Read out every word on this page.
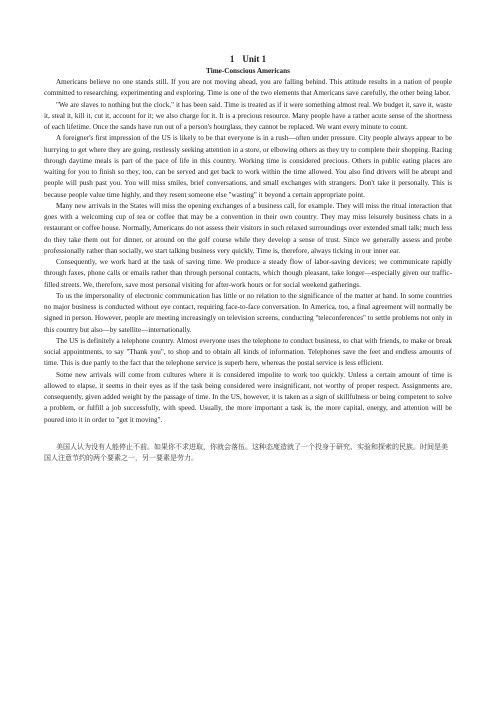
1 Unit 1
Time-Conscious Americans

Americans believe no one stands still. If you are not moving ahead, you are falling behind. This attitude results in a nation of people committed to researching, experimenting and exploring. Time is one of the two elements that Americans save carefully, the other being labor.

"We are slaves to nothing but the clock," it has been said. Time is treated as if it were something almost real. We budget it, save it, waste it, steal it, kill it, cut it, account for it; we also charge for it. It is a precious resource. Many people have a rather acute sense of the shortness of each lifetime. Once the sands have run out of a person's hourglass, they cannot be replaced. We want every minute to count.

A foreigner's first impression of the US is likely to be that everyone is in a rush—often under pressure. City people always appear to be hurrying to get where they are going, restlessly seeking attention in a store, or elbowing others as they try to complete their shopping. Racing through daytime meals is part of the pace of life in this country. Working time is considered precious. Others in public eating places are waiting for you to finish so they, too, can be served and get back to work within the time allowed. You also find drivers will be abrupt and people will push past you. You will miss smiles, brief conversations, and small exchanges with strangers. Don't take it personally. This is because people value time highly, and they resent someone else "wasting" it beyond a certain appropriate point.

Many new arrivals in the States will miss the opening exchanges of a business call, for example. They will miss the ritual interaction that goes with a welcoming cup of tea or coffee that may be a convention in their own country. They may miss leisurely business chats in a restaurant or coffee house. Normally, Americans do not assess their visitors in such relaxed surroundings over extended small talk; much less do they take them out for dinner, or around on the golf course while they develop a sense of trust. Since we generally assess and probe professionally rather than socially, we start talking business very quickly. Time is, therefore, always ticking in our inner ear.

Consequently, we work hard at the task of saving time. We produce a steady flow of labor-saving devices; we communicate rapidly through faxes, phone calls or emails rather than through personal contacts, which though pleasant, take longer—especially given our traffic-filled streets. We, therefore, save most personal visiting for after-work hours or for social weekend gatherings.

To us the impersonality of electronic communication has little or no relation to the significance of the matter at hand. In some countries no major business is conducted without eye contact, requiring face-to-face conversation. In America, too, a final agreement will normally be signed in person. However, people are meeting increasingly on television screens, conducting "teleconferences" to settle problems not only in this country but also—by satellite—internationally.

The US is definitely a telephone country. Almost everyone uses the telephone to conduct business, to chat with friends, to make or break social appointments, to say "Thank you", to shop and to obtain all kinds of information. Telephones save the feet and endless amounts of time. This is due partly to the fact that the telephone service is superb here, whereas the postal service is less efficient.

Some new arrivals will come from cultures where it is considered impolite to work too quickly. Unless a certain amount of time is allowed to elapse, it seems in their eyes as if the task being considered were insignificant, not worthy of proper respect. Assignments are, consequently, given added weight by the passage of time. In the US, however, it is taken as a sign of skillfulness or being competent to solve a problem, or fulfill a job successfully, with speed. Usually, the more important a task is, the more capital, energy, and attention will be poured into it in order to "get it moving".

美国人认为没有人能停止不前。如果你不求进取，你就会落伍。这种态度造就了一个投身于研究、实验和探索的民族。时间是美国人注意节约的两个要素之一，另一要素是劳力。
